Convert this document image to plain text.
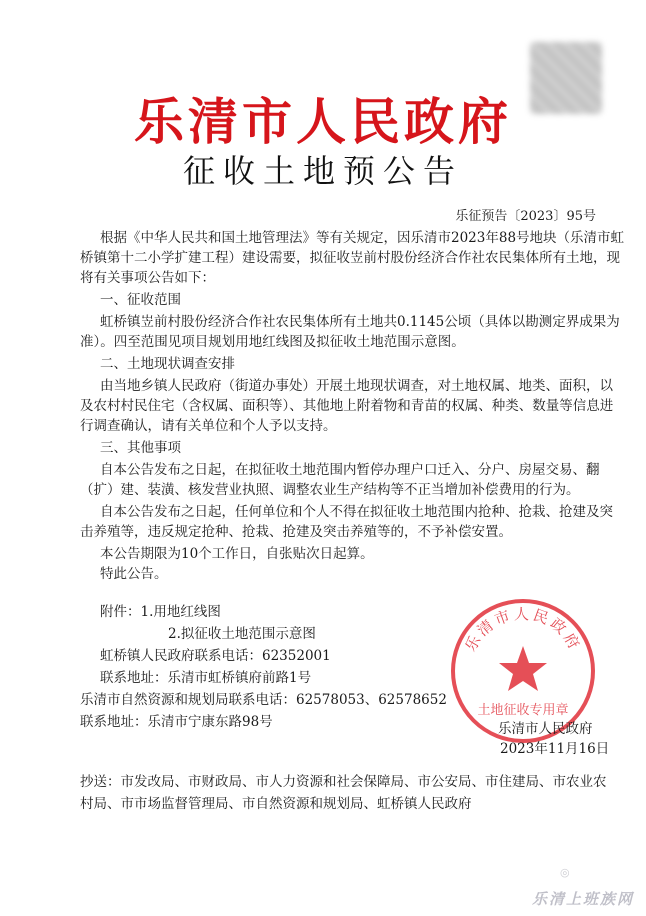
乐清市人民政府
征收土地预公告
乐征预告〔2023〕95号
根据《中华人民共和国土地管理法》等有关规定，因乐清市2023年88号地块（乐清市虹
桥镇第十二小学扩建工程）建设需要，拟征收岦前村股份经济合作社农民集体所有土地，现
将有关事项公告如下：
一、征收范围
虹桥镇岦前村股份经济合作社农民集体所有土地共0.1145公顷（具体以勘测定界成果为
准）。四至范围见项目规划用地红线图及拟征收土地范围示意图。
二、土地现状调查安排
由当地乡镇人民政府（街道办事处）开展土地现状调查，对土地权属、地类、面积，以
及农村村民住宅（含权属、面积等）、其他地上附着物和青苗的权属、种类、数量等信息进
行调查确认，请有关单位和个人予以支持。
三、其他事项
自本公告发布之日起，在拟征收土地范围内暂停办理户口迁入、分户、房屋交易、翻
（扩）建、装潢、核发营业执照、调整农业生产结构等不正当增加补偿费用的行为。
自本公告发布之日起，任何单位和个人不得在拟征收土地范围内抢种、抢栽、抢建及突
击养殖等，违反规定抢种、抢栽、抢建及突击养殖等的，不予补偿安置。
本公告期限为10个工作日，自张贴次日起算。
特此公告。
附件：1.用地红线图
2.拟征收土地范围示意图
虹桥镇人民政府联系电话：62352001
联系地址：乐清市虹桥镇府前路1号
乐清市自然资源和规划局联系电话：62578053、62578652
联系地址：乐清市宁康东路98号
乐清市人民政府
土地征收专用章
乐清市人民政府
2023年11月16日
抄送：市发改局、市财政局、市人力资源和社会保障局、市公安局、市住建局、市农业农
村局、市市场监督管理局、市自然资源和规划局、虹桥镇人民政府
◎
乐清上班族网
